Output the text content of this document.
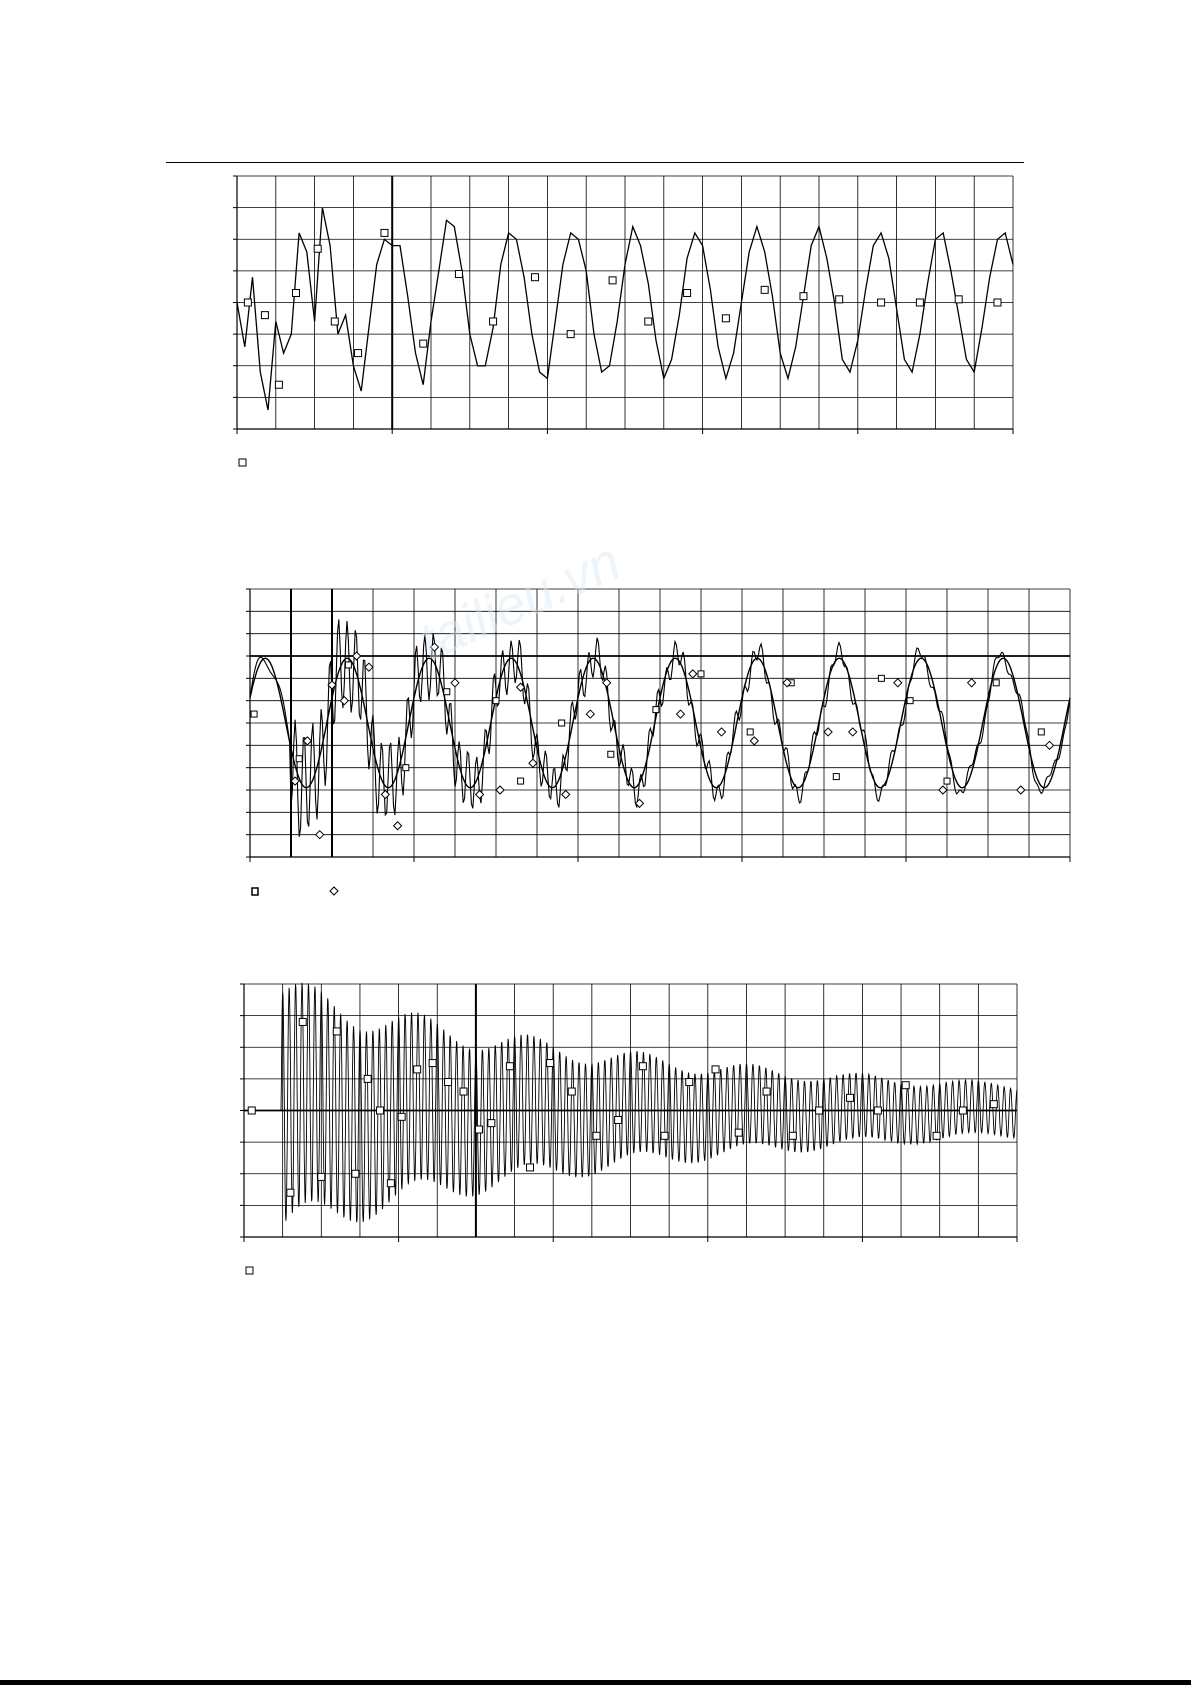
tailieu.vn
